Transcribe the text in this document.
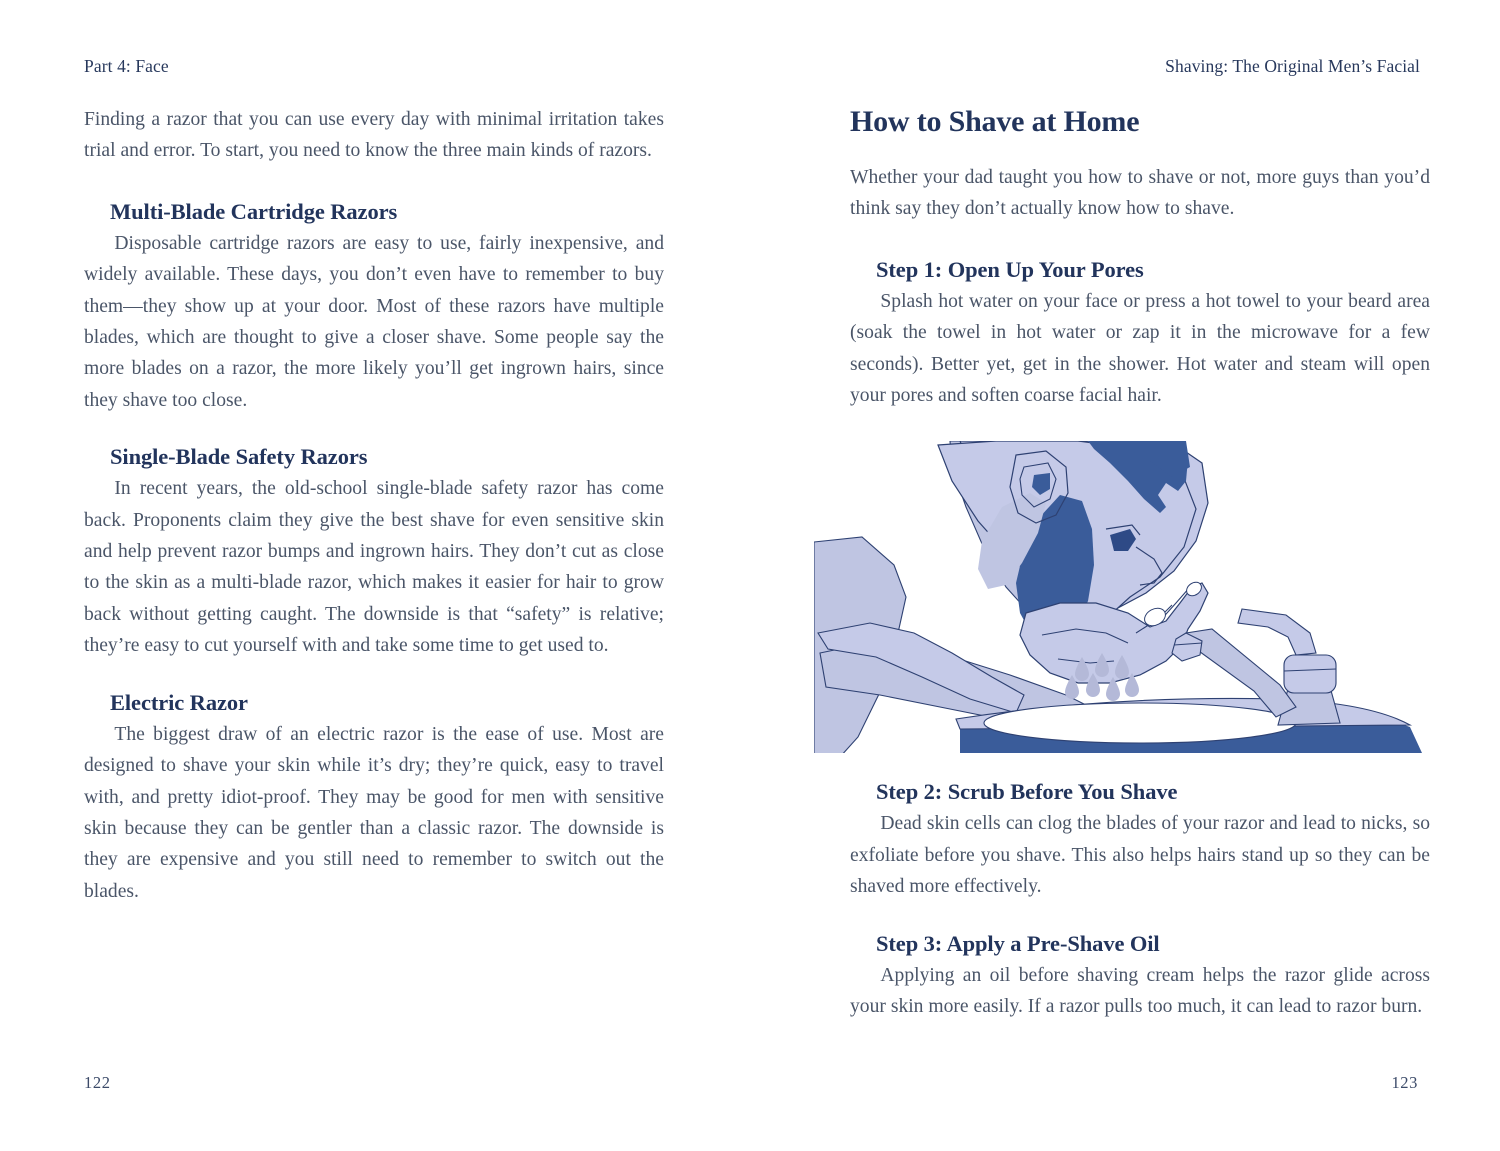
Part 4: Face

Finding a razor that you can use every day with minimal irritation takes trial and error. To start, you need to know the three main kinds of razors.

Multi-Blade Cartridge Razors

Disposable cartridge razors are easy to use, fairly inexpensive, and widely available. These days, you don’t even have to remember to buy them—they show up at your door. Most of these razors have multiple blades, which are thought to give a closer shave. Some people say the more blades on a razor, the more likely you’ll get ingrown hairs, since they shave too close.

Single-Blade Safety Razors

In recent years, the old-school single-blade safety razor has come back. Proponents claim they give the best shave for even sensitive skin and help prevent razor bumps and ingrown hairs. They don’t cut as close to the skin as a multi-blade razor, which makes it easier for hair to grow back without getting caught. The downside is that “safety” is relative; they’re easy to cut yourself with and take some time to get used to.

Electric Razor

The biggest draw of an electric razor is the ease of use. Most are designed to shave your skin while it’s dry; they’re quick, easy to travel with, and pretty idiot-proof. They may be good for men with sensitive skin because they can be gentler than a classic razor. The downside is they are expensive and you still need to remember to switch out the blades.

122
Shaving: The Original Men’s Facial
How to Shave at Home

Whether your dad taught you how to shave or not, more guys than you’d think say they don’t actually know how to shave.

Step 1: Open Up Your Pores

Splash hot water on your face or press a hot towel to your beard area (soak the towel in hot water or zap it in the microwave for a few seconds). Better yet, get in the shower. Hot water and steam will open your pores and soften coarse facial hair.

Step 2: Scrub Before You Shave

Dead skin cells can clog the blades of your razor and lead to nicks, so exfoliate before you shave. This also helps hairs stand up so they can be shaved more effectively.

Step 3: Apply a Pre-Shave Oil

Applying an oil before shaving cream helps the razor glide across your skin more easily. If a razor pulls too much, it can lead to razor burn.

123
